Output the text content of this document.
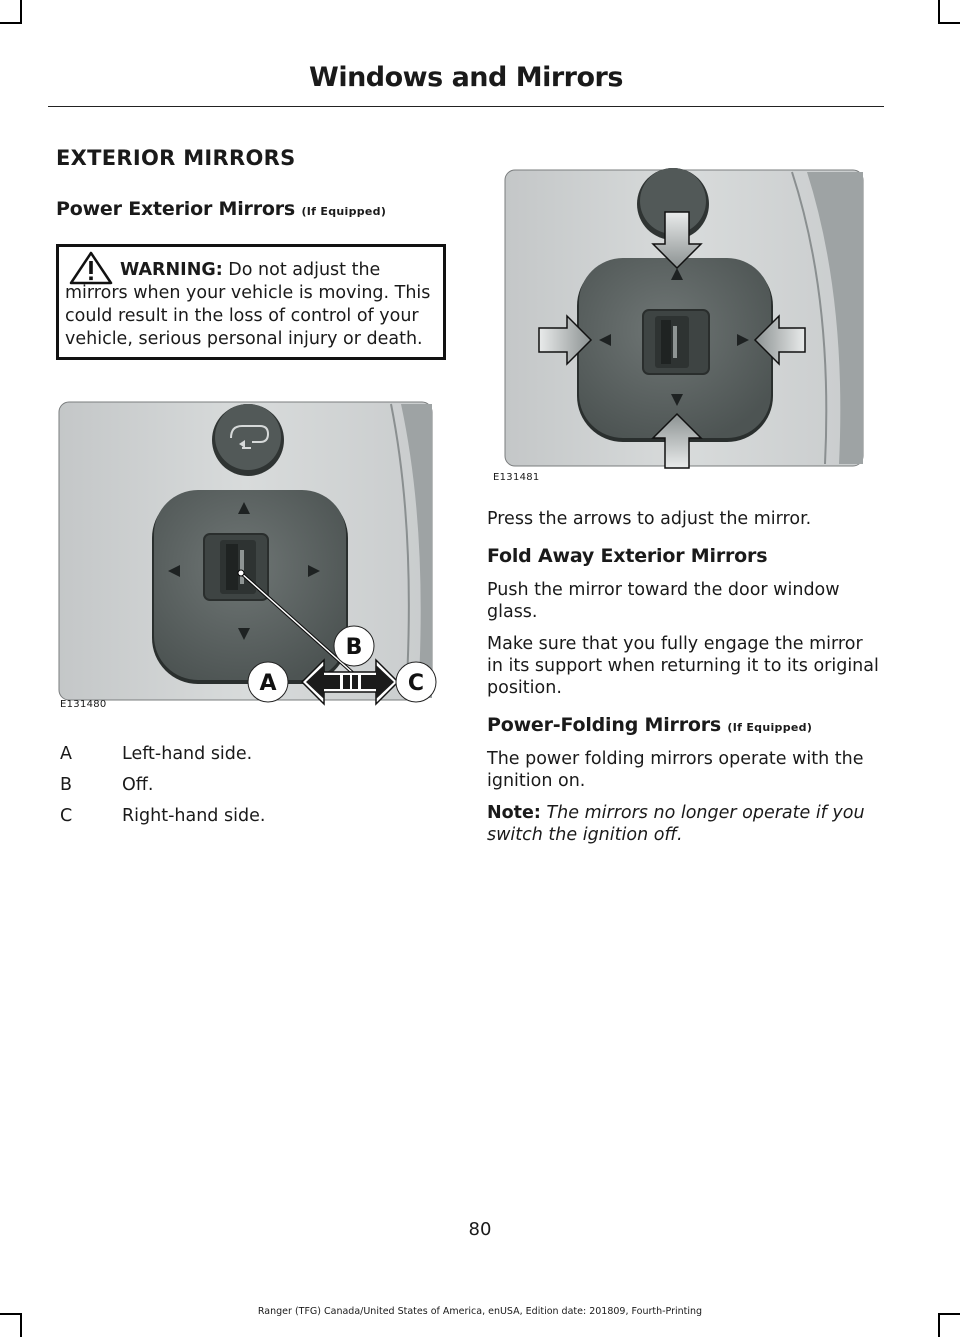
Windows and Mirrors
EXTERIOR MIRRORS
Power Exterior Mirrors (If Equipped)
WARNING: Do not adjust the
mirrors when your vehicle is moving. This could result in the loss of control of your vehicle, serious personal injury or death.
A
B
C
E131480
A	Left-hand side.
B	Off.
C	Right-hand side.
E131481

Press the arrows to adjust the mirror.

Fold Away Exterior Mirrors

Push the mirror toward the door window glass.

Make sure that you fully engage the mirror in its support when returning it to its original position.

Power-Folding Mirrors (If Equipped)

The power folding mirrors operate with the ignition on.

Note: The mirrors no longer operate if you switch the ignition off.

80
Ranger (TFG) Canada/United States of America, enUSA, Edition date: 201809, Fourth-Printing
